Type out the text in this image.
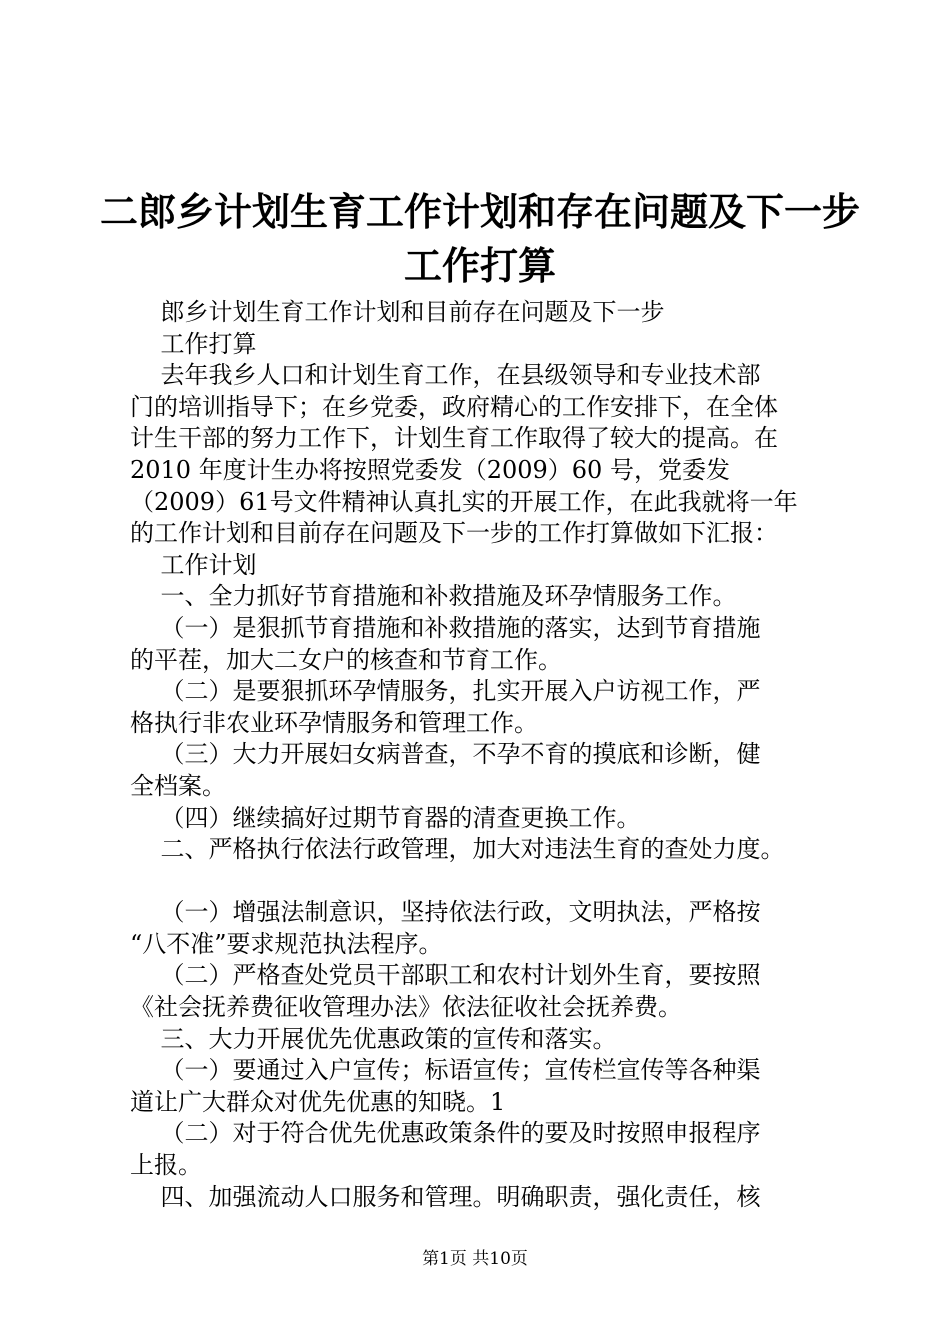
二郎乡计划生育工作计划和存在问题及下一步
工作打算
郎乡计划生育工作计划和目前存在问题及下一步
工作打算
去年我乡人口和计划生育工作，在县级领导和专业技术部
门的培训指导下；在乡党委，政府精心的工作安排下，在全体
计生干部的努力工作下，计划生育工作取得了较大的提高。在
2010 年度计生办将按照党委发（2009）60 号，党委发
（2009）61号文件精神认真扎实的开展工作，在此我就将一年
的工作计划和目前存在问题及下一步的工作打算做如下汇报：
工作计划
一、全力抓好节育措施和补救措施及环孕情服务工作。
（一）是狠抓节育措施和补救措施的落实，达到节育措施
的平茬，加大二女户的核查和节育工作。
（二）是要狠抓环孕情服务，扎实开展入户访视工作，严
格执行非农业环孕情服务和管理工作。
（三）大力开展妇女病普查，不孕不育的摸底和诊断，健
全档案。
（四）继续搞好过期节育器的清查更换工作。
二、严格执行依法行政管理，加大对违法生育的查处力度。
（一）增强法制意识，坚持依法行政，文明执法，严格按
“八不准”要求规范执法程序。
（二）严格查处党员干部职工和农村计划外生育，要按照
《社会抚养费征收管理办法》依法征收社会抚养费。
三、大力开展优先优惠政策的宣传和落实。
（一）要通过入户宣传；标语宣传；宣传栏宣传等各种渠
道让广大群众对优先优惠的知晓。1
（二）对于符合优先优惠政策条件的要及时按照申报程序
上报。
四、加强流动人口服务和管理。明确职责，强化责任，核
第1页 共10页
